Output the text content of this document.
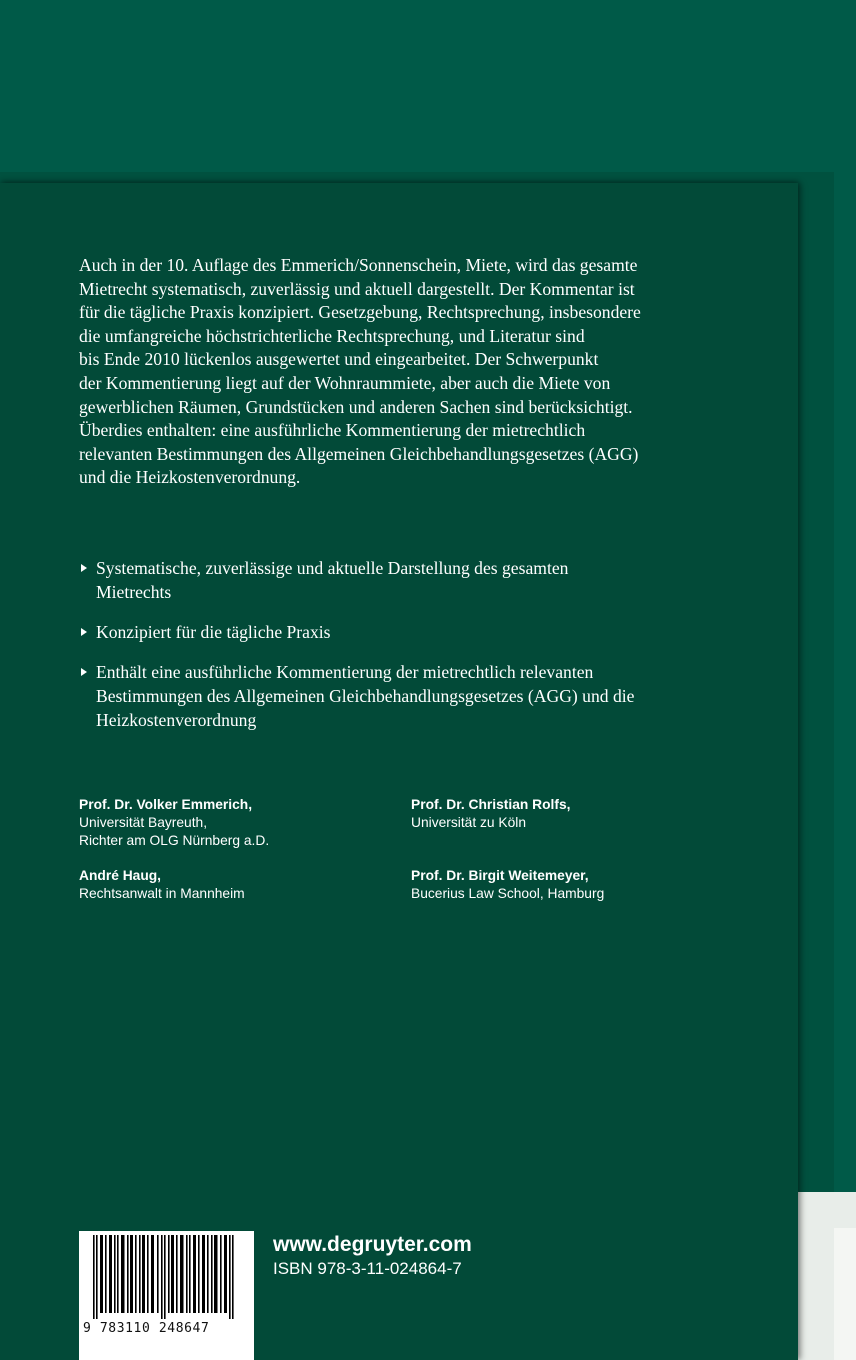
Auch in der 10. Auflage des Emmerich/Sonnenschein, Miete, wird das gesamte
Mietrecht systematisch, zuverlässig und aktuell dargestellt. Der Kommentar ist
für die tägliche Praxis konzipiert. Gesetzgebung, Rechtsprechung, insbesondere
die umfangreiche höchstrichterliche Rechtsprechung, und Literatur sind
bis Ende 2010 lückenlos ausgewertet und eingearbeitet. Der Schwerpunkt
der Kommentierung liegt auf der Wohnraummiete, aber auch die Miete von
gewerblichen Räumen, Grundstücken und anderen Sachen sind berücksichtigt.
Überdies enthalten: eine ausführliche Kommentierung der mietrechtlich
relevanten Bestimmungen des Allgemeinen Gleichbehandlungsgesetzes (AGG)
und die Heizkostenverordnung.

Systematische, zuverlässige und aktuelle Darstellung des gesamten
Mietrechts
Konzipiert für die tägliche Praxis
Enthält eine ausführliche Kommentierung der mietrechtlich relevanten
Bestimmungen des Allgemeinen Gleichbehandlungsgesetzes (AGG) und die
Heizkostenverordnung
Prof. Dr. Volker Emmerich,
Universität Bayreuth,
Richter am OLG Nürnberg a.D.
Prof. Dr. Christian Rolfs,
Universität zu Köln
André Haug,
Rechtsanwalt in Mannheim
Prof. Dr. Birgit Weitemeyer,
Bucerius Law School, Hamburg
9 783110 248647
www.degruyter.com
ISBN 978-3-11-024864-7
